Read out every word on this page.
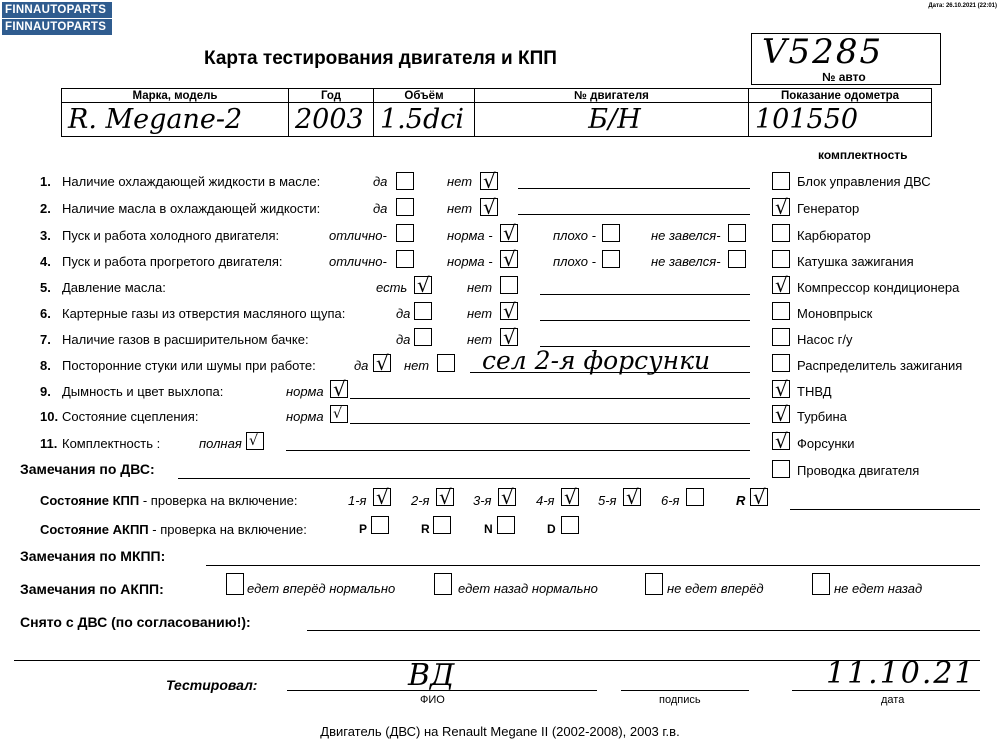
FINNAUTOPARTS
FINNAUTOPARTS
Дата: 26.10.2021 (22:01)
Карта тестирования двигателя и КПП	V5285
№ авто
Марка, модель	Год	Объём	№ двигателя	Показание одометра
R. Megane-2	2003	1.5dci	Б/Н	101550
комплектность
1. Наличие охлаждающей жидкости в масле:	да	нет √
2. Наличие масла в охлаждающей жидкости:	да	нет √
3. Пуск и работа холодного двигателя:	отлично-	норма - √	плохо -	не завелся-
4. Пуск и работа прогретого двигателя:	отлично-	норма - √	плохо -	не завелся-
5. Давление масла:	есть √	нет
6. Картерные газы из отверстия масляного щупа:	да	нет √
7. Наличие газов в расширительном бачке:	да	нет √
8. Посторонние стуки или шумы при работе:	да √ нет сел 2-я форсунки
9. Дымность и цвет выхлопа:	норма √
10. Состояние сцепления:	норма √
11. Комплектность :	полная √
Блок управления ДВС
√ Генератор
Карбюратор
Катушка зажигания
√ Компрессор кондиционера
Моновпрыск
Насос г/у
Распределитель зажигания
√ ТНВД
√ Турбина
√ Форсунки
Проводка двигателя
Замечания по ДВС:
Состояние КПП - проверка на включение:	1-я √ 2-я √ 3-я √ 4-я √ 5-я √ 6-я	R √
Состояние АКПП - проверка на включение:	P	R	N	D
Замечания по МКПП:
Замечания по АКПП:	едет вперёд нормально	едет назад нормально	не едет вперёд	не едет назад
Снято с ДВС (по согласованию!):
Тестировал:	ВД
ФИО	подпись
11.10.21
дата
Двигатель (ДВС) на Renault Megane II (2002-2008), 2003 г.в.
